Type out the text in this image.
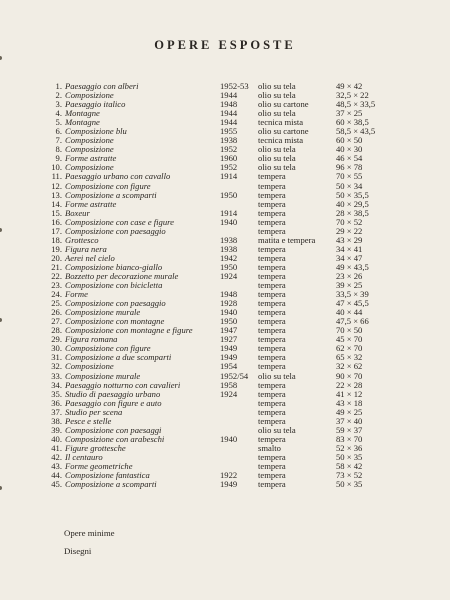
OPERE ESPOSTE
1. Paesaggio con alberi	1952-53 olio su tela	49 × 42
2. Composizione	1944 olio su tela	32,5 × 22
3. Paesaggio italico	1948 olio su cartone	48,5 × 33,5
4. Montagne	1944 olio su tela	37 × 25
5. Montagne	1944 tecnica mista	60 × 38,5
6. Composizione blu	1955 olio su cartone	58,5 × 43,5
7. Composizione	1938 tecnica mista	60 × 50
8. Composizione	1952 olio su tela	40 × 30
9. Forme astratte	1960 olio su tela	46 × 54
10. Composizione	1952 olio su tela	96 × 78
11. Paesaggio urbano con cavallo	1914 tempera	70 × 55
12. Composizione con figure	tempera	50 × 34
13. Composizione a scomparti	1950 tempera	50 × 35,5
14. Forme astratte	tempera	40 × 29,5
15. Boxeur	1914 tempera	28 × 38,5
16. Composizione con case e figure	1940 tempera	70 × 52
17. Composizione con paesaggio	tempera	29 × 22
18. Grottesco	1938 matita e tempera 43 × 29
19. Figura nera	1938 tempera	34 × 41
20. Aerei nel cielo	1942 tempera	34 × 47
21. Composizione bianco-giallo	1950 tempera	49 × 43,5
22. Bozzetto per decorazione murale	1924 tempera	23 × 26
23. Composizione con bicicletta	tempera	39 × 25
24. Forme	1948 tempera	33,5 × 39
25. Composizione con paesaggio	1928 tempera	47 × 45,5
26. Composizione murale	1940 tempera	40 × 44
27. Composizione con montagne	1950 tempera	47,5 × 66
28. Composizione con montagne e figure	1947 tempera	70 × 50
29. Figura romana	1927 tempera	45 × 70
30. Composizione con figure	1949 tempera	62 × 70
31. Composizione a due scomparti	1949 tempera	65 × 32
32. Composizione	1954 tempera	32 × 62
33. Composizione murale	1952/54 olio su tela	90 × 70
34. Paesaggio notturno con cavalieri	1958 tempera	22 × 28
35. Studio di paesaggio urbano	1924 tempera	41 × 12
36. Paesaggio con figure e auto	tempera	43 × 18
37. Studio per scena	tempera	49 × 25
38. Pesce e stelle	tempera	37 × 40
39. Composizione con paesaggi	olio su tela	59 × 37
40. Composizione con arabeschi	1940 tempera	83 × 70
41. Figure grottesche	smalto	52 × 36
42. Il centauro	tempera	50 × 35
43. Forme geometriche	tempera	58 × 42
44. Composizione fantastica	1922 tempera	73 × 52
45. Composizione a scomparti	1949 tempera	50 × 35
Opere minime
Disegni
